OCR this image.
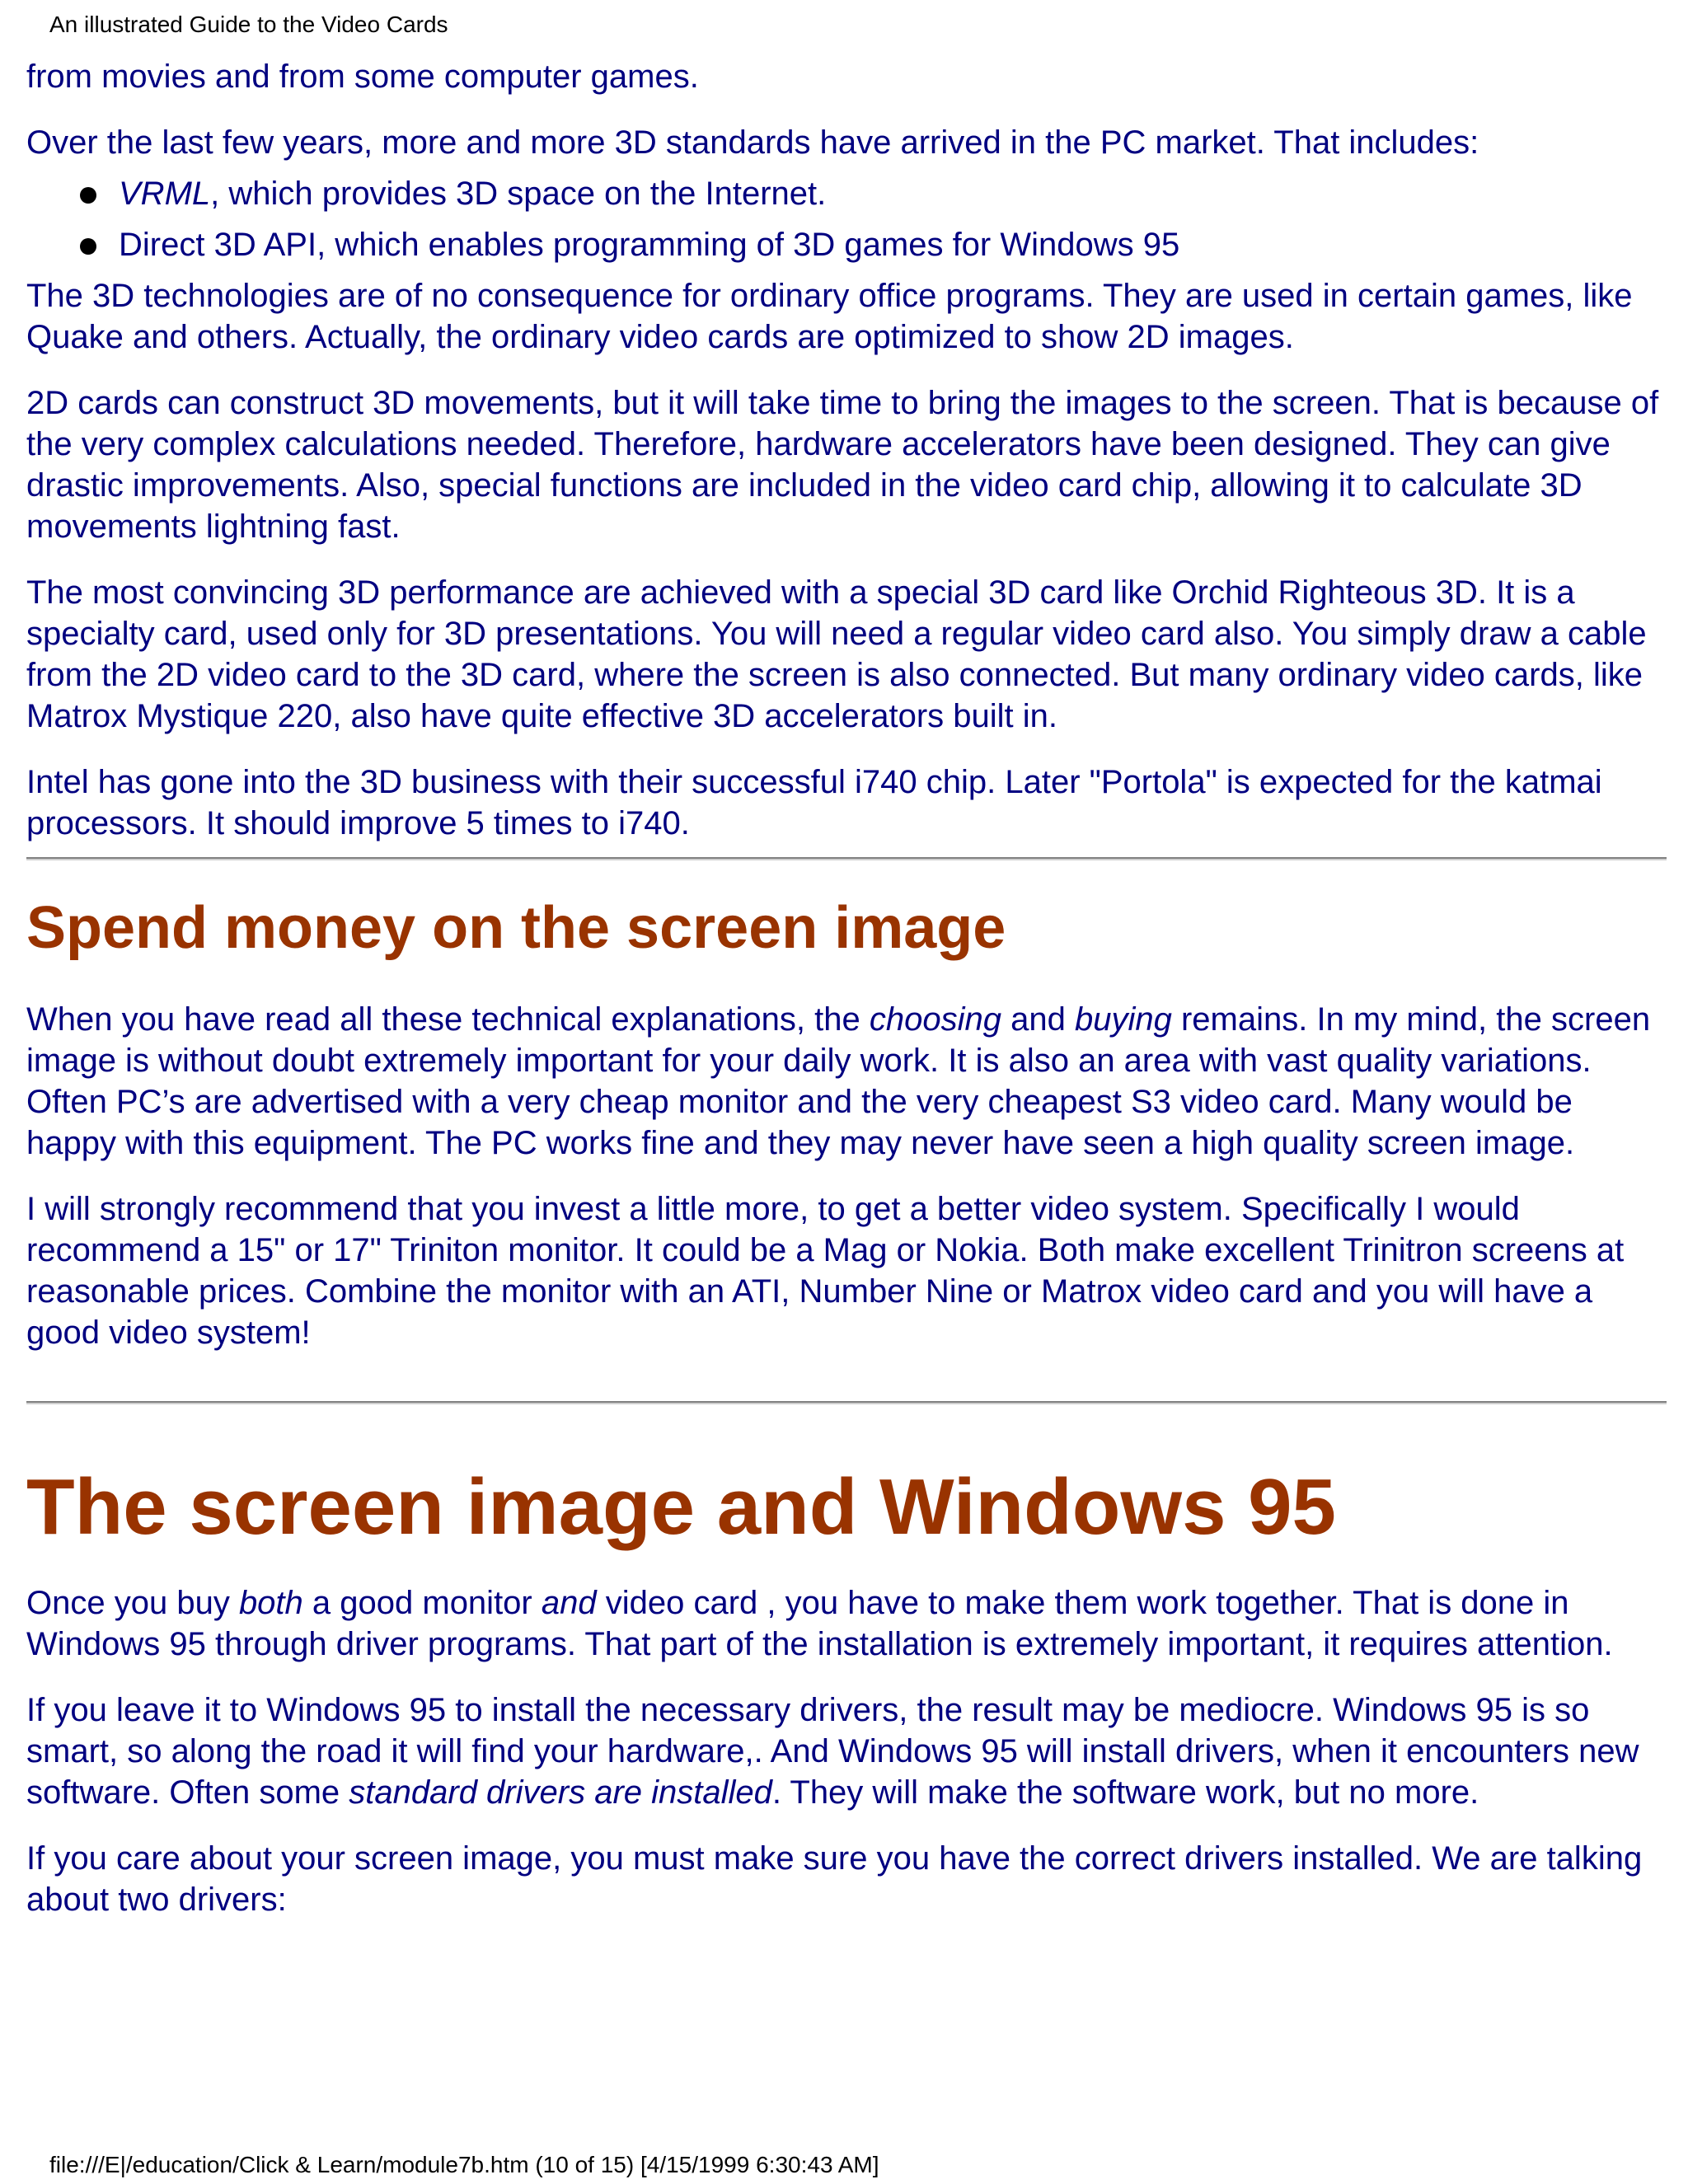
An illustrated Guide to the Video Cards

from movies and from some computer games.

Over the last few years, more and more 3D standards have arrived in the PC market. That includes:

VRML, which provides 3D space on the Internet.
Direct 3D API, which enables programming of 3D games for Windows 95

The 3D technologies are of no consequence for ordinary office programs. They are used in certain games, like Quake and others. Actually, the ordinary video cards are optimized to show 2D images.

2D cards can construct 3D movements, but it will take time to bring the images to the screen. That is because of the very complex calculations needed. Therefore, hardware accelerators have been designed. They can give drastic improvements. Also, special functions are included in the video card chip, allowing it to calculate 3D movements lightning fast.

The most convincing 3D performance are achieved with a special 3D card like Orchid Righteous 3D. It is a specialty card, used only for 3D presentations. You will need a regular video card also. You simply draw a cable from the 2D video card to the 3D card, where the screen is also connected. But many ordinary video cards, like Matrox Mystique 220, also have quite effective 3D accelerators built in.

Intel has gone into the 3D business with their successful i740 chip. Later "Portola" is expected for the katmai processors. It should improve 5 times to i740.

Spend money on the screen image

When you have read all these technical explanations, the choosing and buying remains. In my mind, the screen image is without doubt extremely important for your daily work. It is also an area with vast quality variations. Often PC’s are advertised with a very cheap monitor and the very cheapest S3 video card. Many would be happy with this equipment. The PC works fine and they may never have seen a high quality screen image.

I will strongly recommend that you invest a little more, to get a better video system. Specifically I would recommend a 15" or 17" Triniton monitor. It could be a Mag or Nokia. Both make excellent Trinitron screens at reasonable prices. Combine the monitor with an ATI, Number Nine or Matrox video card and you will have a good video system!

The screen image and Windows 95

Once you buy both a good monitor and video card , you have to make them work together. That is done in Windows 95 through driver programs. That part of the installation is extremely important, it requires attention.

If you leave it to Windows 95 to install the necessary drivers, the result may be mediocre. Windows 95 is so smart, so along the road it will find your hardware,. And Windows 95 will install drivers, when it encounters new software. Often some standard drivers are installed. They will make the software work, but no more.

If you care about your screen image, you must make sure you have the correct drivers installed. We are talking about two drivers:

file:///E|/education/Click & Learn/module7b.htm (10 of 15) [4/15/1999 6:30:43 AM]
